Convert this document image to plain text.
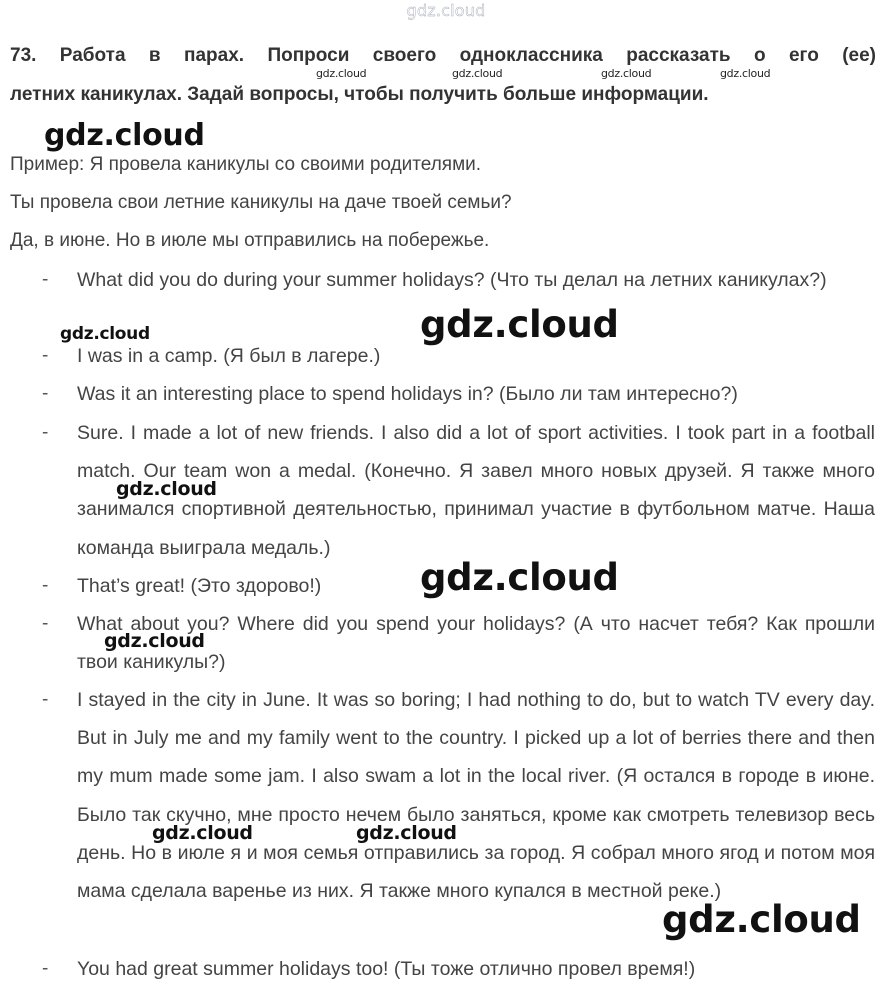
gdz.cloud
73. Работа в парах. Попроси своего одноклассника рассказать о его (ее)
летних каникулах. Задай вопросы, чтобы получить больше информации.

Пример: Я провела каникулы со своими родителями.

Ты провела свои летние каникулы на даче твоей семьи?

Да, в июне. Но в июле мы отправились на побережье.

- What did you do during your summer holidays? (Что ты делал на летних каникулах?)

- I was in a camp. (Я был в лагере.)

- Was it an interesting place to spend holidays in? (Было ли там интересно?)

- Sure. I made a lot of new friends. I also did a lot of sport activities. I took part in a football match. Our team won a medal. (Конечно. Я завел много новых друзей. Я также много занимался спортивной деятельностью, принимал участие в футбольном матче. Наша команда выиграла медаль.)

- That’s great! (Это здорово!)

- What about you? Where did you spend your holidays? (А что насчет тебя? Как прошли твои каникулы?)

- I stayed in the city in June. It was so boring; I had nothing to do, but to watch TV every day. But in July me and my family went to the country. I picked up a lot of berries there and then my mum made some jam. I also swam a lot in the local river. (Я остался в городе в июне. Было так скучно, мне просто нечем было заняться, кроме как смотреть телевизор весь день. Но в июле я и моя семья отправились за город. Я собрал много ягод и потом моя мама сделала варенье из них. Я также много купался в местной реке.)

- You had great summer holidays too! (Ты тоже отлично провел время!)

gdz.cloud	gdz.cloud	gdz.cloud	gdz.cloud
gdz.cloud
gdz.cloud	gdz.cloud
gdz.cloud
gdz.cloud
gdz.cloud
gdz.cloud	gdz.cloud
gdz.cloud
